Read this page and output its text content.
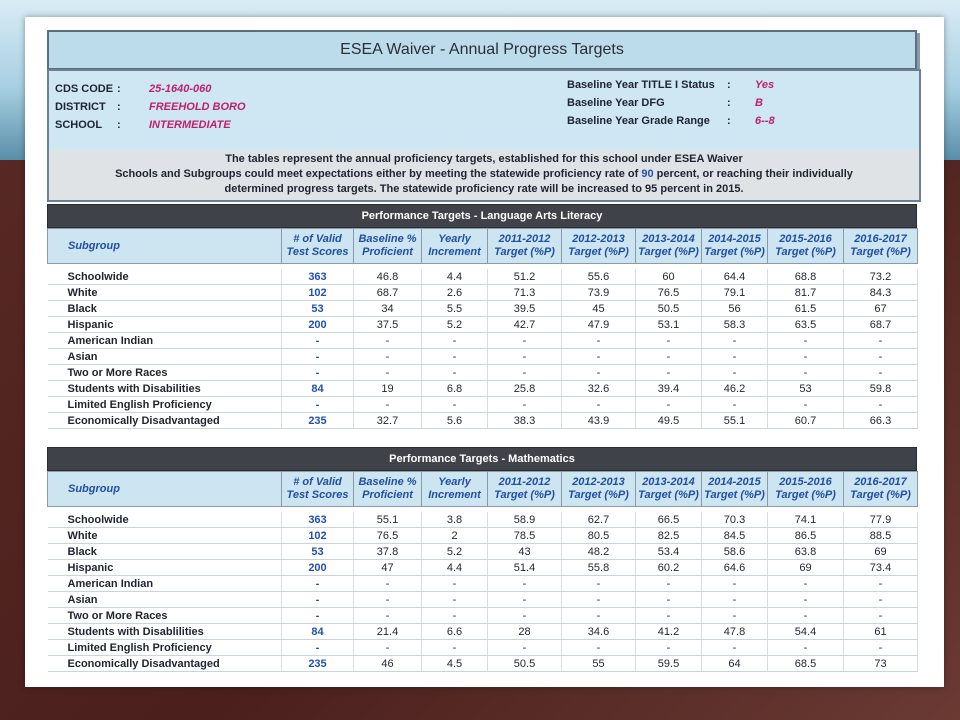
ESEA Waiver - Annual Progress Targets
CDS CODE :	25-1640-060
DISTRICT	:	FREEHOLD BORO
SCHOOL	:	INTERMEDIATE
Baseline Year TITLE I Status	:	Yes
Baseline Year DFG	:	B
Baseline Year Grade Range	:	6--8
The tables represent the annual proficiency targets, established for this school under ESEA Waiver
Schools and Subgroups could meet expectations either by meeting the statewide proficiency rate of 90 percent, or reaching their individually
determined progress targets. The statewide proficiency rate will be increased to 95 percent in 2015.
Performance Targets - Language Arts Literacy
Subgroup	# of Valid Test Scores	Baseline % Proficient	Yearly Increment	2011-2012 Target (%P)	2012-2013 Target (%P)	2013-2014 Target (%P)	2014-2015 Target (%P)	2015-2016 Target (%P)	2016-2017 Target (%P)

Schoolwide	363	46.8	4.4	51.2	55.6	60	64.4	68.8	73.2
White	102	68.7	2.6	71.3	73.9	76.5	79.1	81.7	84.3
Black	53	34	5.5	39.5	45	50.5	56	61.5	67
Hispanic	200	37.5	5.2	42.7	47.9	53.1	58.3	63.5	68.7
American Indian	-	-	-	-	-	-	-	-	-
Asian	-	-	-	-	-	-	-	-	-
Two or More Races	-	-	-	-	-	-	-	-	-
Students with Disabilities	84	19	6.8	25.8	32.6	39.4	46.2	53	59.8
Limited English Proficiency	-	-	-	-	-	-	-	-	-
Economically Disadvantaged	235	32.7	5.6	38.3	43.9	49.5	55.1	60.7	66.3
Performance Targets - Mathematics
Subgroup	# of Valid Test Scores	Baseline % Proficient	Yearly Increment	2011-2012 Target (%P)	2012-2013 Target (%P)	2013-2014 Target (%P)	2014-2015 Target (%P)	2015-2016 Target (%P)	2016-2017 Target (%P)

Schoolwide	363	55.1	3.8	58.9	62.7	66.5	70.3	74.1	77.9
White	102	76.5	2	78.5	80.5	82.5	84.5	86.5	88.5
Black	53	37.8	5.2	43	48.2	53.4	58.6	63.8	69
Hispanic	200	47	4.4	51.4	55.8	60.2	64.6	69	73.4
American Indian	-	-	-	-	-	-	-	-	-
Asian	-	-	-	-	-	-	-	-	-
Two or More Races	-	-	-	-	-	-	-	-	-
Students with Disablilities	84	21.4	6.6	28	34.6	41.2	47.8	54.4	61
Limited English Proficiency	-	-	-	-	-	-	-	-	-
Economically Disadvantaged	235	46	4.5	50.5	55	59.5	64	68.5	73
